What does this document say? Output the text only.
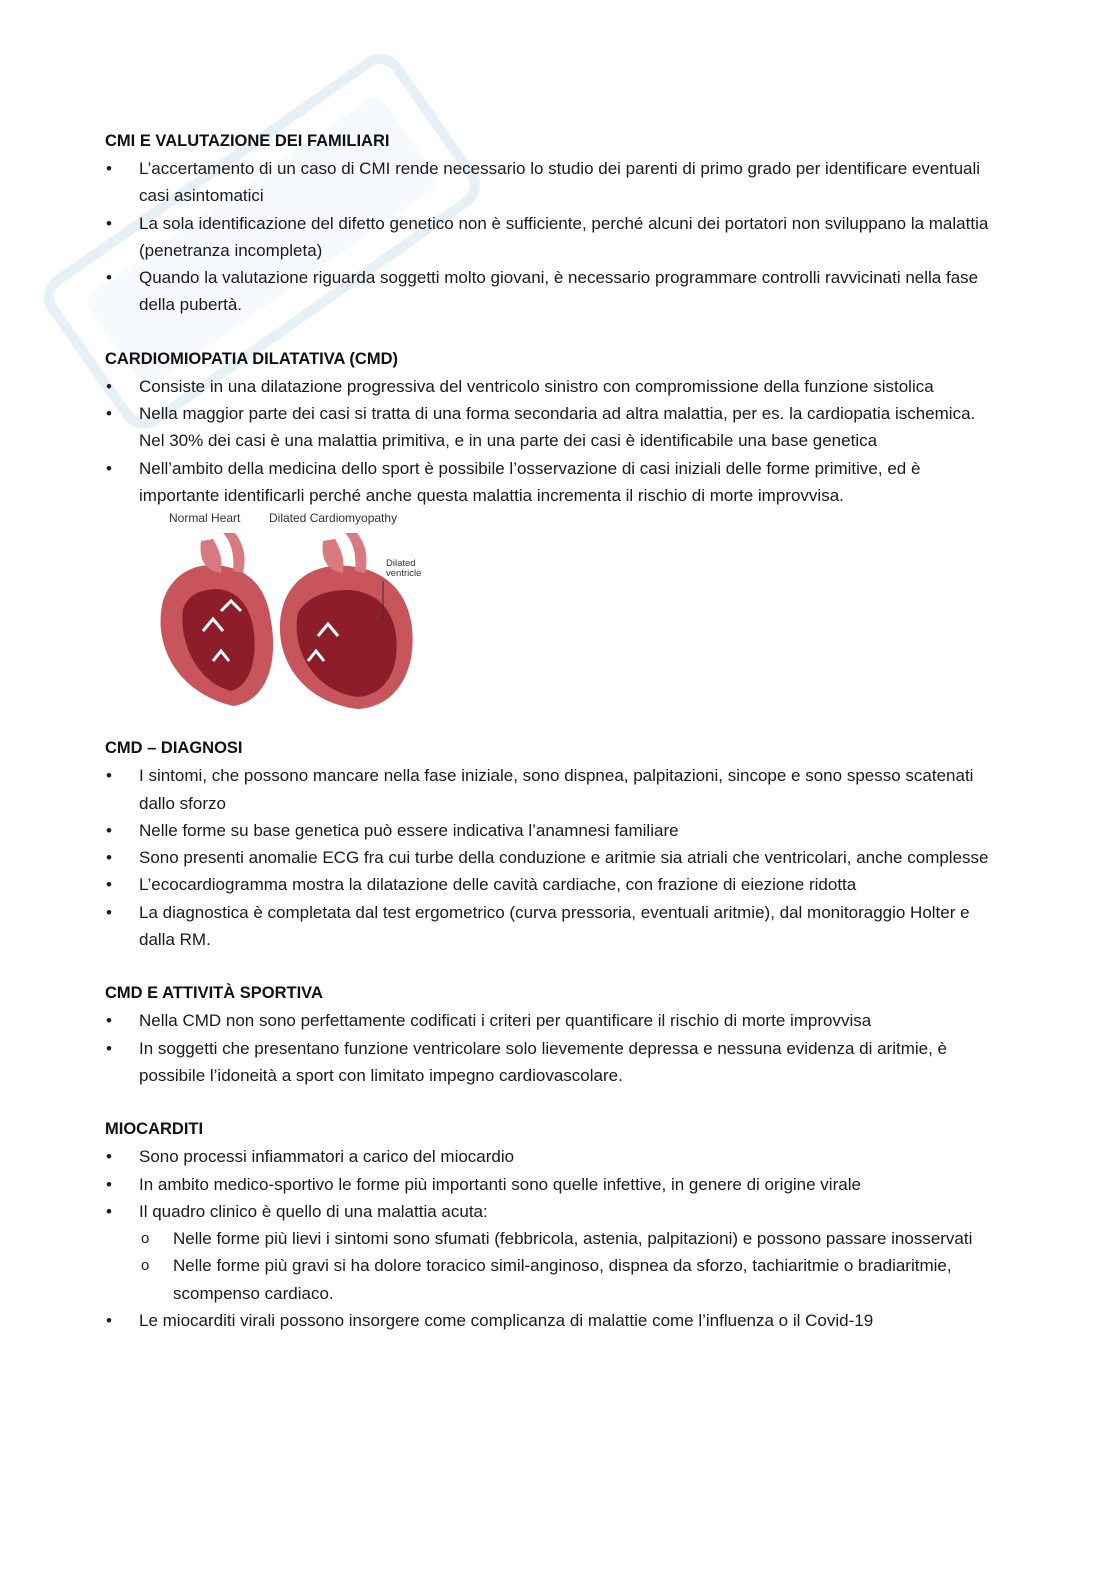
CMI E VALUTAZIONE DEI FAMILIARI

• L’accertamento di un caso di CMI rende necessario lo studio dei parenti di primo grado per identificare eventuali casi asintomatici
• La sola identificazione del difetto genetico non è sufficiente, perché alcuni dei portatori non sviluppano la malattia (penetranza incompleta)
• Quando la valutazione riguarda soggetti molto giovani, è necessario programmare controlli ravvicinati nella fase della pubertà.

CARDIOMIOPATIA DILATATIVA (CMD)

• Consiste in una dilatazione progressiva del ventricolo sinistro con compromissione della funzione sistolica
• Nella maggior parte dei casi si tratta di una forma secondaria ad altra malattia, per es. la cardiopatia ischemica. Nel 30% dei casi è una malattia primitiva, e in una parte dei casi è identificabile una base genetica
• Nell’ambito della medicina dello sport è possibile l’osservazione di casi iniziali delle forme primitive, ed è importante identificarli perché anche questa malattia incrementa il rischio di morte improvvisa.
Normal Heart Dilated Cardiomyopathy
Dilated
ventricle

CMD – DIAGNOSI

• I sintomi, che possono mancare nella fase iniziale, sono dispnea, palpitazioni, sincope e sono spesso scatenati dallo sforzo
• Nelle forme su base genetica può essere indicativa l’anamnesi familiare
• Sono presenti anomalie ECG fra cui turbe della conduzione e aritmie sia atriali che ventricolari, anche complesse
• L’ecocardiogramma mostra la dilatazione delle cavità cardiache, con frazione di eiezione ridotta
• La diagnostica è completata dal test ergometrico (curva pressoria, eventuali aritmie), dal monitoraggio Holter e dalla RM.

CMD E ATTIVITÀ SPORTIVA

• Nella CMD non sono perfettamente codificati i criteri per quantificare il rischio di morte improvvisa
• In soggetti che presentano funzione ventricolare solo lievemente depressa e nessuna evidenza di aritmie, è possibile l’idoneità a sport con limitato impegno cardiovascolare.

MIOCARDITI

• Sono processi infiammatori a carico del miocardio
• In ambito medico-sportivo le forme più importanti sono quelle infettive, in genere di origine virale
• Il quadro clinico è quello di una malattia acuta:
o Nelle forme più lievi i sintomi sono sfumati (febbricola, astenia, palpitazioni) e possono passare inosservati
o Nelle forme più gravi si ha dolore toracico simil-anginoso, dispnea da sforzo, tachiaritmie o bradiaritmie, scompenso cardiaco.
• Le miocarditi virali possono insorgere come complicanza di malattie come l’influenza o il Covid-19
